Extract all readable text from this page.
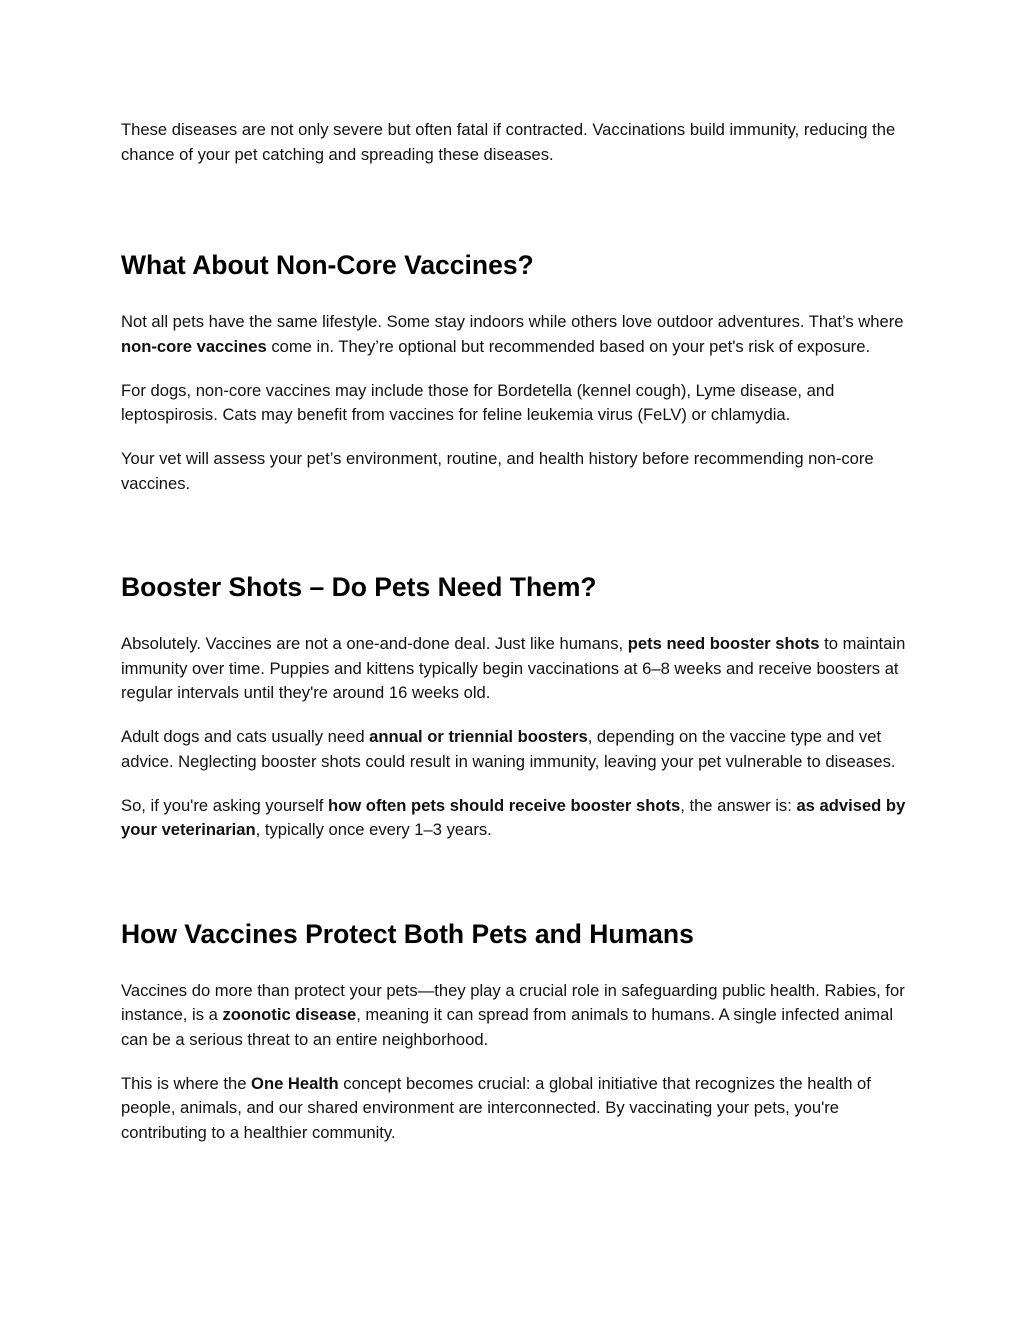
These diseases are not only severe but often fatal if contracted. Vaccinations build immunity, reducing the chance of your pet catching and spreading these diseases.

What About Non-Core Vaccines?

Not all pets have the same lifestyle. Some stay indoors while others love outdoor adventures. That’s where non-core vaccines come in. They’re optional but recommended based on your pet's risk of exposure.

For dogs, non-core vaccines may include those for Bordetella (kennel cough), Lyme disease, and leptospirosis. Cats may benefit from vaccines for feline leukemia virus (FeLV) or chlamydia.

Your vet will assess your pet’s environment, routine, and health history before recommending non-core vaccines.

Booster Shots – Do Pets Need Them?

Absolutely. Vaccines are not a one-and-done deal. Just like humans, pets need booster shots to maintain immunity over time. Puppies and kittens typically begin vaccinations at 6–8 weeks and receive boosters at regular intervals until they're around 16 weeks old.

Adult dogs and cats usually need annual or triennial boosters, depending on the vaccine type and vet advice. Neglecting booster shots could result in waning immunity, leaving your pet vulnerable to diseases.

So, if you're asking yourself how often pets should receive booster shots, the answer is: as advised by your veterinarian, typically once every 1–3 years.

How Vaccines Protect Both Pets and Humans

Vaccines do more than protect your pets—they play a crucial role in safeguarding public health. Rabies, for instance, is a zoonotic disease, meaning it can spread from animals to humans. A single infected animal can be a serious threat to an entire neighborhood.

This is where the One Health concept becomes crucial: a global initiative that recognizes the health of people, animals, and our shared environment are interconnected. By vaccinating your pets, you're contributing to a healthier community.
